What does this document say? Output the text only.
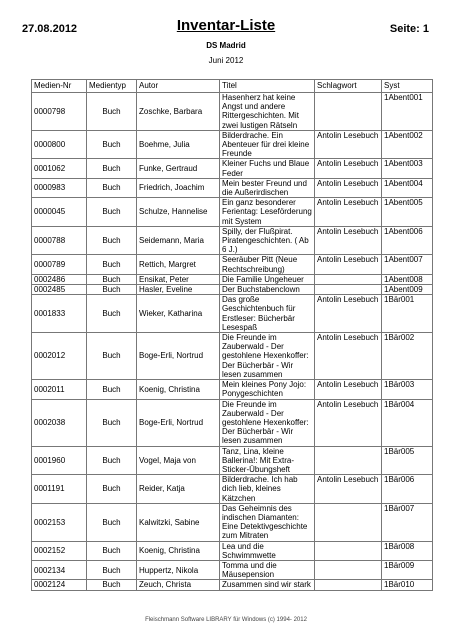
27.08.2012	Inventar-Liste	Seite: 1
DS Madrid
Juni 2012
Medien-Nr	Medientyp	Autor	Titel	Schlagwort	Syst
0000798	Buch	Zoschke, Barbara	Hasenherz hat keine Angst und andere Rittergeschichten. Mit zwei lustigen Rätseln		1Abent001
0000800	Buch	Boehme, Julia	Bilderdrache. Ein Abenteuer für drei kleine Freunde	Antolin Lesebuch	1Abent002
0001062	Buch	Funke, Gertraud	Kleiner Fuchs und Blaue Feder	Antolin Lesebuch	1Abent003
0000983	Buch	Friedrich, Joachim	Mein bester Freund und die Außerirdischen	Antolin Lesebuch	1Abent004
0000045	Buch	Schulze, Hannelise	Ein ganz besonderer Ferientag: Leseförderung mit System	Antolin Lesebuch	1Abent005
0000788	Buch	Seidemann, Maria	Spilly, der Flußpirat. Piratengeschichten. ( Ab 6 J.)	Antolin Lesebuch	1Abent006
0000789	Buch	Rettich, Margret	Seeräuber Pitt (Neue Rechtschreibung)	Antolin Lesebuch	1Abent007
0002486	Buch	Ensikat, Peter	Die Familie Ungeheuer		1Abent008
0002485	Buch	Hasler, Eveline	Der Buchstabenclown		1Abent009
0001833	Buch	Wieker, Katharina	Das große Geschichtenbuch für Erstleser: Bücherbär Lesespaß	Antolin Lesebuch	1Bär001
0002012	Buch	Boge-Erli, Nortrud	Die Freunde im Zauberwald - Der gestohlene Hexenkoffer: Der Bücherbär - Wir lesen zusammen	Antolin Lesebuch	1Bär002
0002011	Buch	Koenig, Christina	Mein kleines Pony Jojo: Ponygeschichten	Antolin Lesebuch	1Bär003
0002038	Buch	Boge-Erli, Nortrud	Die Freunde im Zauberwald - Der gestohlene Hexenkoffer: Der Bücherbär - Wir lesen zusammen	Antolin Lesebuch	1Bär004
0001960	Buch	Vogel, Maja von	Tanz, Lina, kleine Ballerina!: Mit Extra-Sticker-Übungsheft		1Bär005
0001191	Buch	Reider, Katja	Bilderdrache. Ich hab dich lieb, kleines Kätzchen	Antolin Lesebuch	1Bär006
0002153	Buch	Kalwitzki, Sabine	Das Geheimnis des indischen Diamanten: Eine Detektivgeschichte zum Mitraten		1Bär007
0002152	Buch	Koenig, Christina	Lea und die Schwimmwette		1Bär008
0002134	Buch	Huppertz, Nikola	Tomma und die Mäusepension		1Bär009
0002124	Buch	Zeuch, Christa	Zusammen sind wir stark		1Bär010
Fleischmann Software LIBRARY für Windows (c) 1994- 2012
